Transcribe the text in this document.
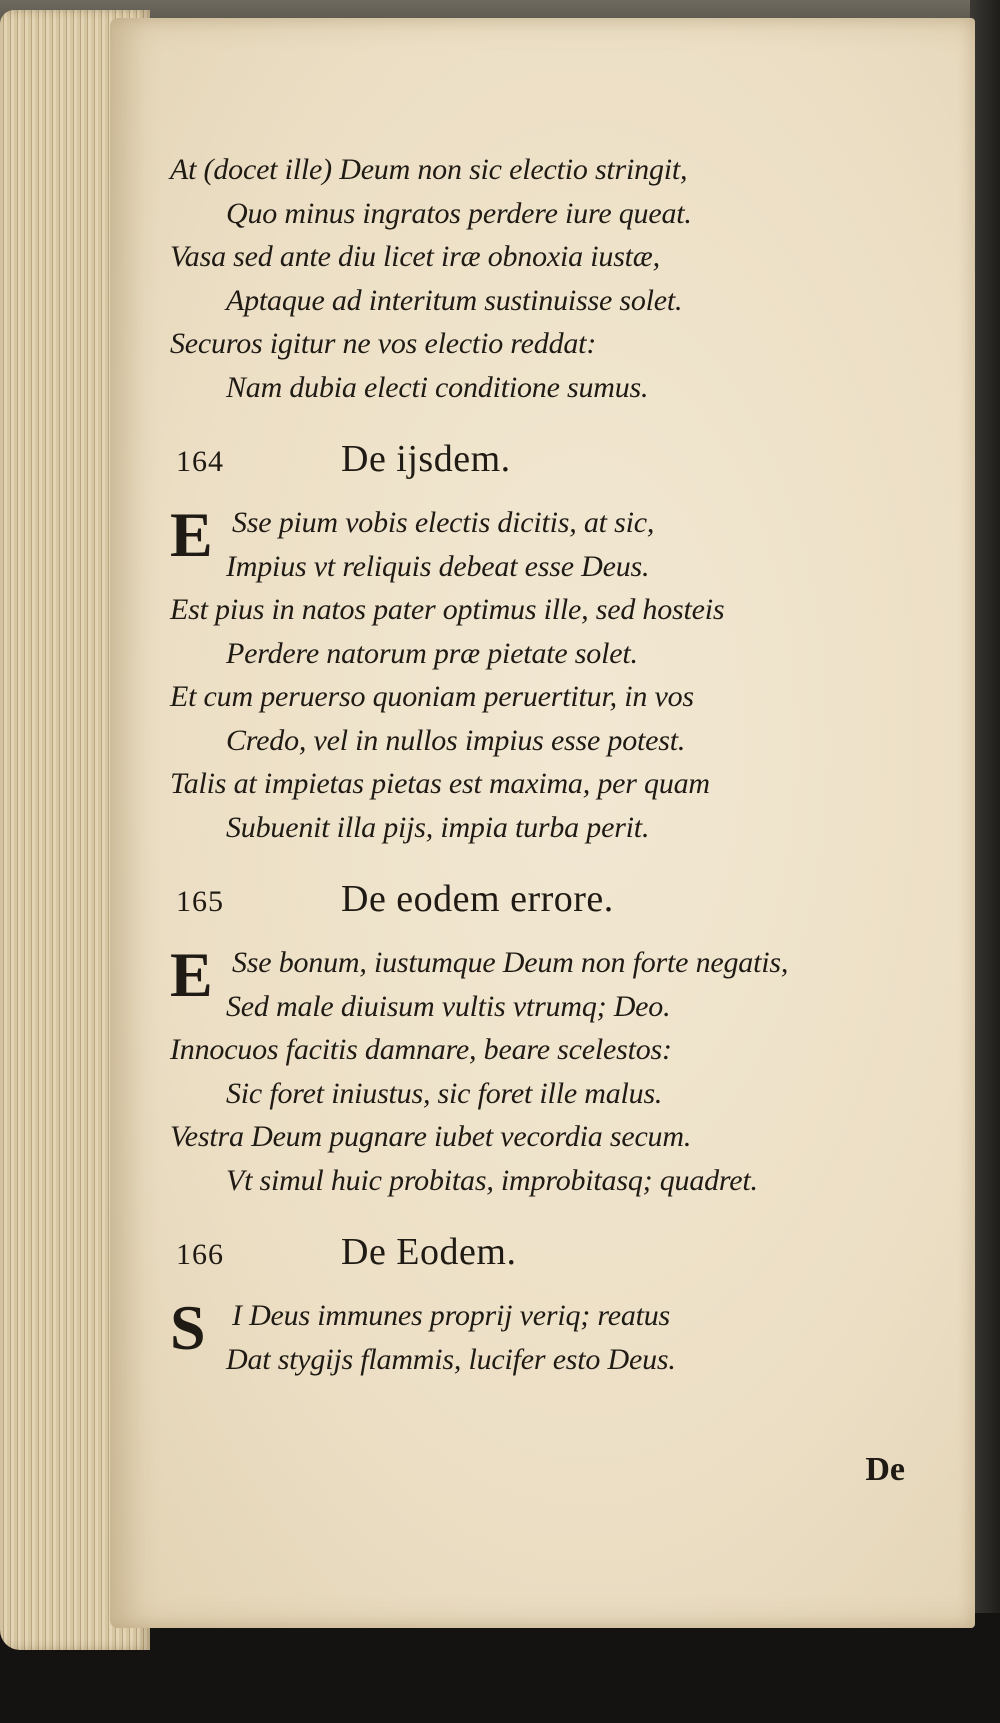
At (docet ille) Deum non sic electio stringit,
Quo minus ingratos perdere iure queat.
Vasa sed ante diu licet iræ obnoxia iustæ,
Aptaque ad interitum sustinuisse solet.
Securos igitur ne vos electio reddat:
Nam dubia electi conditione sumus.
164	De ijsdem.
E Sse pium vobis electis dicitis, at sic,
Impius vt reliquis debeat esse Deus.
Est pius in natos pater optimus ille, sed hosteis
Perdere natorum præ pietate solet.
Et cum peruerso quoniam peruertitur, in vos
Credo, vel in nullos impius esse potest.
Talis at impietas pietas est maxima, per quam
Subuenit illa pijs, impia turba perit.
165	De eodem errore.
E Sse bonum, iustumque Deum non forte negatis,
Sed male diuisum vultis vtrumq; Deo.
Innocuos facitis damnare, beare scelestos:
Sic foret iniustus, sic foret ille malus.
Vestra Deum pugnare iubet vecordia secum.
Vt simul huic probitas, improbitasq; quadret.
166	De Eodem.
S I Deus immunes proprij veriq; reatus
Dat stygijs flammis, lucifer esto Deus.
De
